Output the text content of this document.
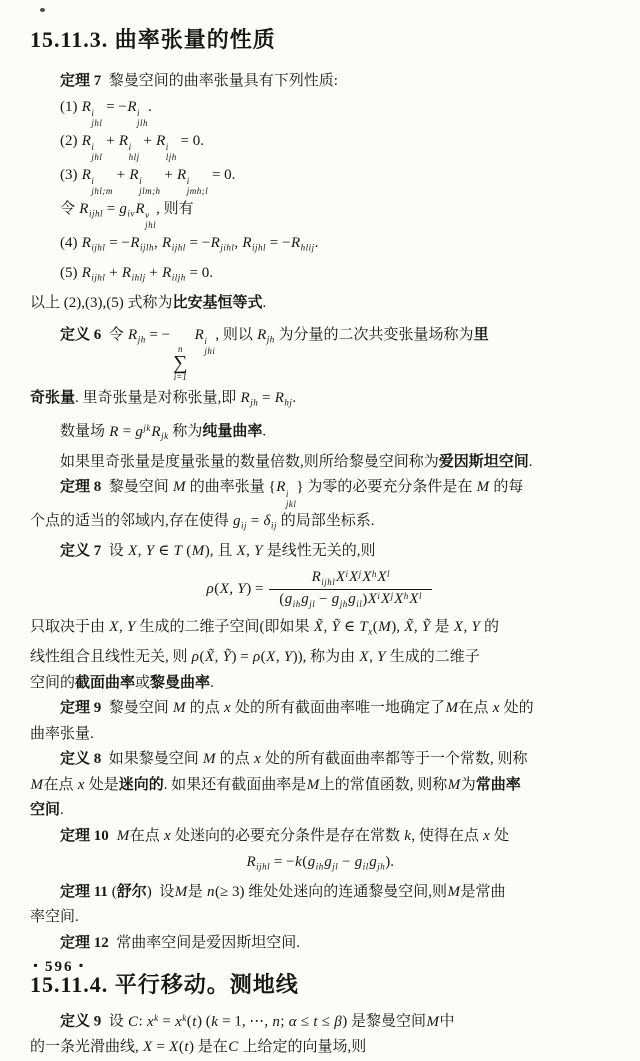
15.11.3. 曲率张量的性质
定理 7  黎曼空间的曲率张量具有下列性质:
(1) R i
jhl
= −R i
jlh
.
(2) R i
jhl
+ R i
hlj
+ R i
ljh
= 0.
(3) R i
jhl;m
+ R i
jlm;h
+ R i
jmh;l
= 0.
令 $R_{ijhl} = g_{iv}R$ v
jhl
, 则有
(4) $R_{ijhl} = -R_{ijlh}$, $R_{ijhl} = -R_{jihl}$, $R_{ijhl} = -R_{hlij}$.
(5) $R_{ijhl} + R_{ihlj} + R_{iljh} = 0$.
以上 (2),(3),(5) 式称为比安基恒等式.
定义 6  令 $R_{jh}$ = −
n
∑
i=1
R i
jhi
, 则以 $R_{jh}$ 为分量的二次共变张量场称为里
奇张量. 里奇张量是对称张量,即 $R_{jh} = R_{hj}$.
数量场 $R = g^{jk}R_{jk}$ 称为纯量曲率.
如果里奇张量是度量张量的数量倍数,则所给黎曼空间称为爱因斯坦空间.
定理 8  黎曼空间 M 的曲率张量 {R i
jkl
} 为零的必要充分条件是在 M 的每
个点的适当的邻域内,存在使得 $g_{ij} = \delta_{ij}$ 的局部坐标系.
定义 7  设 X, Y ∈ T (M), 且 X, Y 是线性无关的,则
ρ(X, $Y) = \frac{R_{ijhl}X^iX^jX^hX^l}{(g_{ih}g_{jl} - g_{jh}g_{il})X^iX^jX^hX^l}$
只取决于由 X, Y 生成的二维子空间(即如果 X̃, Ỹ ∈ $T_x(M)$, X̃, Ỹ 是 X, Y 的
线性组合且线性无关, 则 ρ(X̃, Ỹ) = ρ(X, Y)), 称为由 X, Y 生成的二维子
空间的截面曲率或黎曼曲率.
定理 9  黎曼空间 M 的点 x 处的所有截面曲率唯一地确定了M在点 x 处的
曲率张量.
定义 8  如果黎曼空间 M 的点 x 处的所有截面曲率都等于一个常数, 则称
M在点 x 处是迷向的. 如果还有截面曲率是M上的常值函数, 则称M为常曲率
空间.
定理 10 M在点 x 处迷向的必要充分条件是存在常数 k, 使得在点 x 处
$R_{ijhl} = -k(g_{ih}g_{jl} - g_{il}g_{jh})$.
定理 11 (舒尔)  设M是 n(≥ 3) 维处处迷向的连通黎曼空间,则M是常曲
率空间.
定理 12  常曲率空间是爱因斯坦空间.
15.11.4. 平行移动。测地线
定义 9  设 C: $x^k = x^k(t) (k = 1$, ⋯, n; α ≤ t ≤ β) 是黎曼空间M中
的一条光滑曲线, X = X(t) 是在C 上给定的向量场,则
・596・
